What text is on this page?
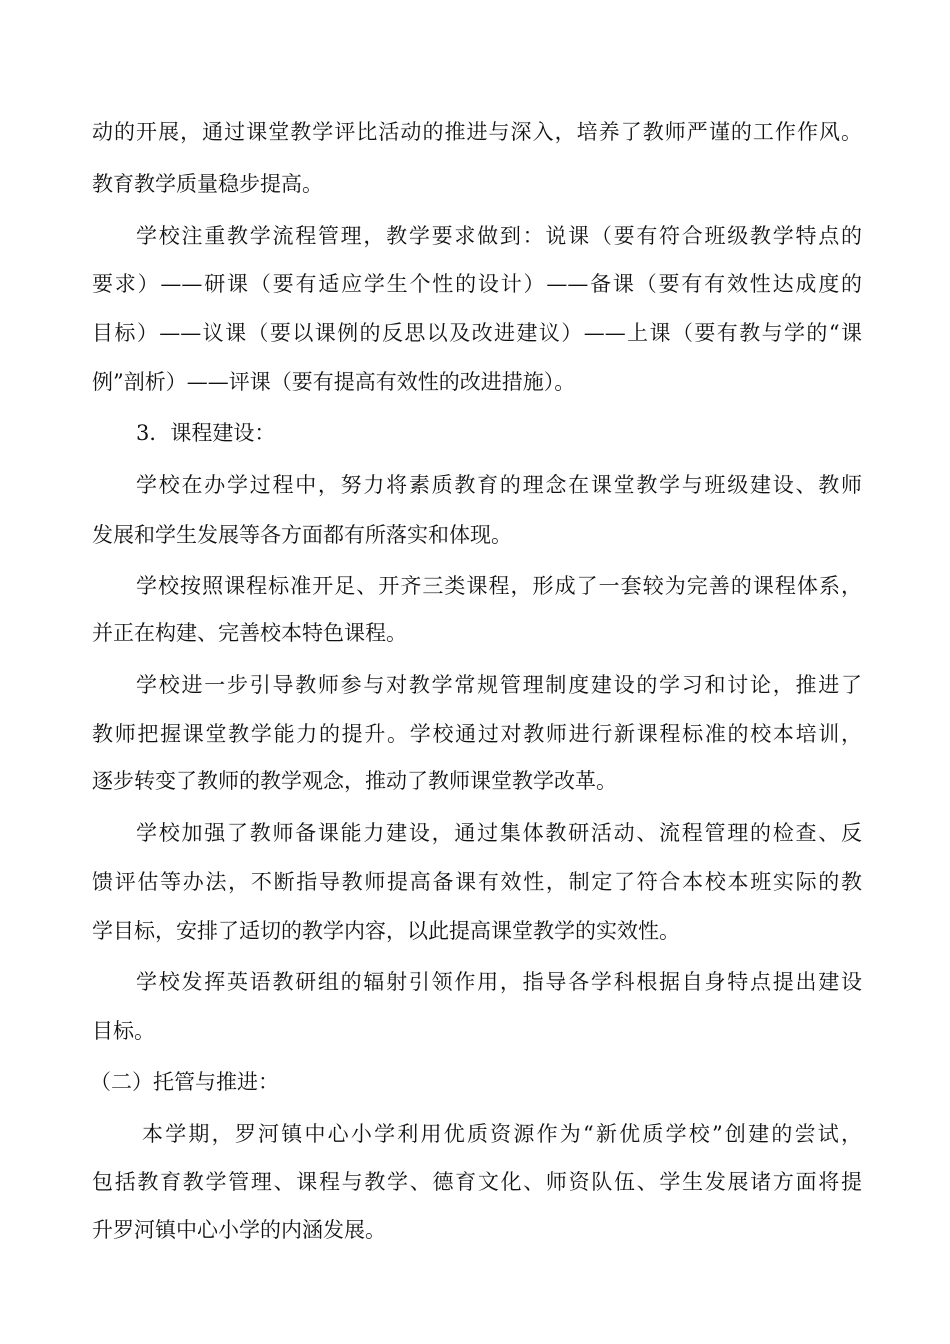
动的开展，通过课堂教学评比活动的推进与深入，培养了教师严谨的工作作风。
教育教学质量稳步提高。
学校注重教学流程管理，教学要求做到：说课（要有符合班级教学特点的
要求）——研课（要有适应学生个性的设计）——备课（要有有效性达成度的
目标）——议课（要以课例的反思以及改进建议）——上课（要有教与学的“课
例”剖析）——评课（要有提高有效性的改进措施）。
3．课程建设：
学校在办学过程中，努力将素质教育的理念在课堂教学与班级建设、教师
发展和学生发展等各方面都有所落实和体现。
学校按照课程标准开足、开齐三类课程，形成了一套较为完善的课程体系，
并正在构建、完善校本特色课程。
学校进一步引导教师参与对教学常规管理制度建设的学习和讨论，推进了
教师把握课堂教学能力的提升。学校通过对教师进行新课程标准的校本培训，
逐步转变了教师的教学观念，推动了教师课堂教学改革。
学校加强了教师备课能力建设，通过集体教研活动、流程管理的检查、反
馈评估等办法，不断指导教师提高备课有效性，制定了符合本校本班实际的教
学目标，安排了适切的教学内容，以此提高课堂教学的实效性。
学校发挥英语教研组的辐射引领作用，指导各学科根据自身特点提出建设
目标。
（二）托管与推进：
本学期，罗河镇中心小学利用优质资源作为“新优质学校”创建的尝试，
包括教育教学管理、课程与教学、德育文化、师资队伍、学生发展诸方面将提
升罗河镇中心小学的内涵发展。
